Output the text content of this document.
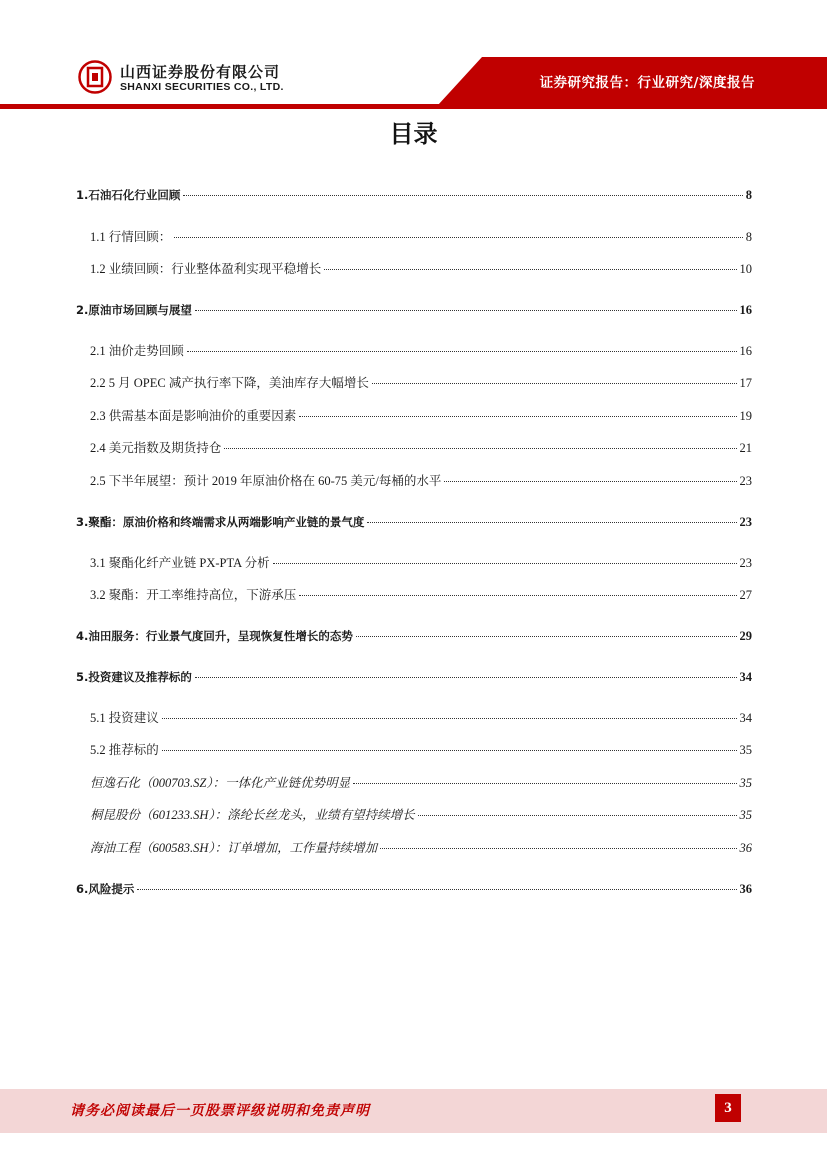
山西证券股份有限公司
SHANXI SECURITIES CO., LTD.	证券研究报告：行业研究/深度报告
目录
1.石油石化行业回顾	8
1.1 行情回顾：	8
1.2 业绩回顾：行业整体盈利实现平稳增长	10
2.原油市场回顾与展望	16
2.1 油价走势回顾	16
2.2 5 月 OPEC 减产执行率下降，美油库存大幅增长	17
2.3 供需基本面是影响油价的重要因素	19
2.4 美元指数及期货持仓	21
2.5 下半年展望：预计 2019 年原油价格在 60-75 美元/每桶的水平	23
3.聚酯：原油价格和终端需求从两端影响产业链的景气度	23
3.1 聚酯化纤产业链 PX-PTA 分析	23
3.2 聚酯：开工率维持高位，下游承压	27
4.油田服务：行业景气度回升，呈现恢复性增长的态势	29
5.投资建议及推荐标的	34
5.1 投资建议	34
5.2 推荐标的	35
恒逸石化（000703.SZ）：一体化产业链优势明显	35
桐昆股份（601233.SH）：涤纶长丝龙头，业绩有望持续增长	35
海油工程（600583.SH）：订单增加，工作量持续增加	36
6.风险提示	36
请务必阅读最后一页股票评级说明和免责声明	3
